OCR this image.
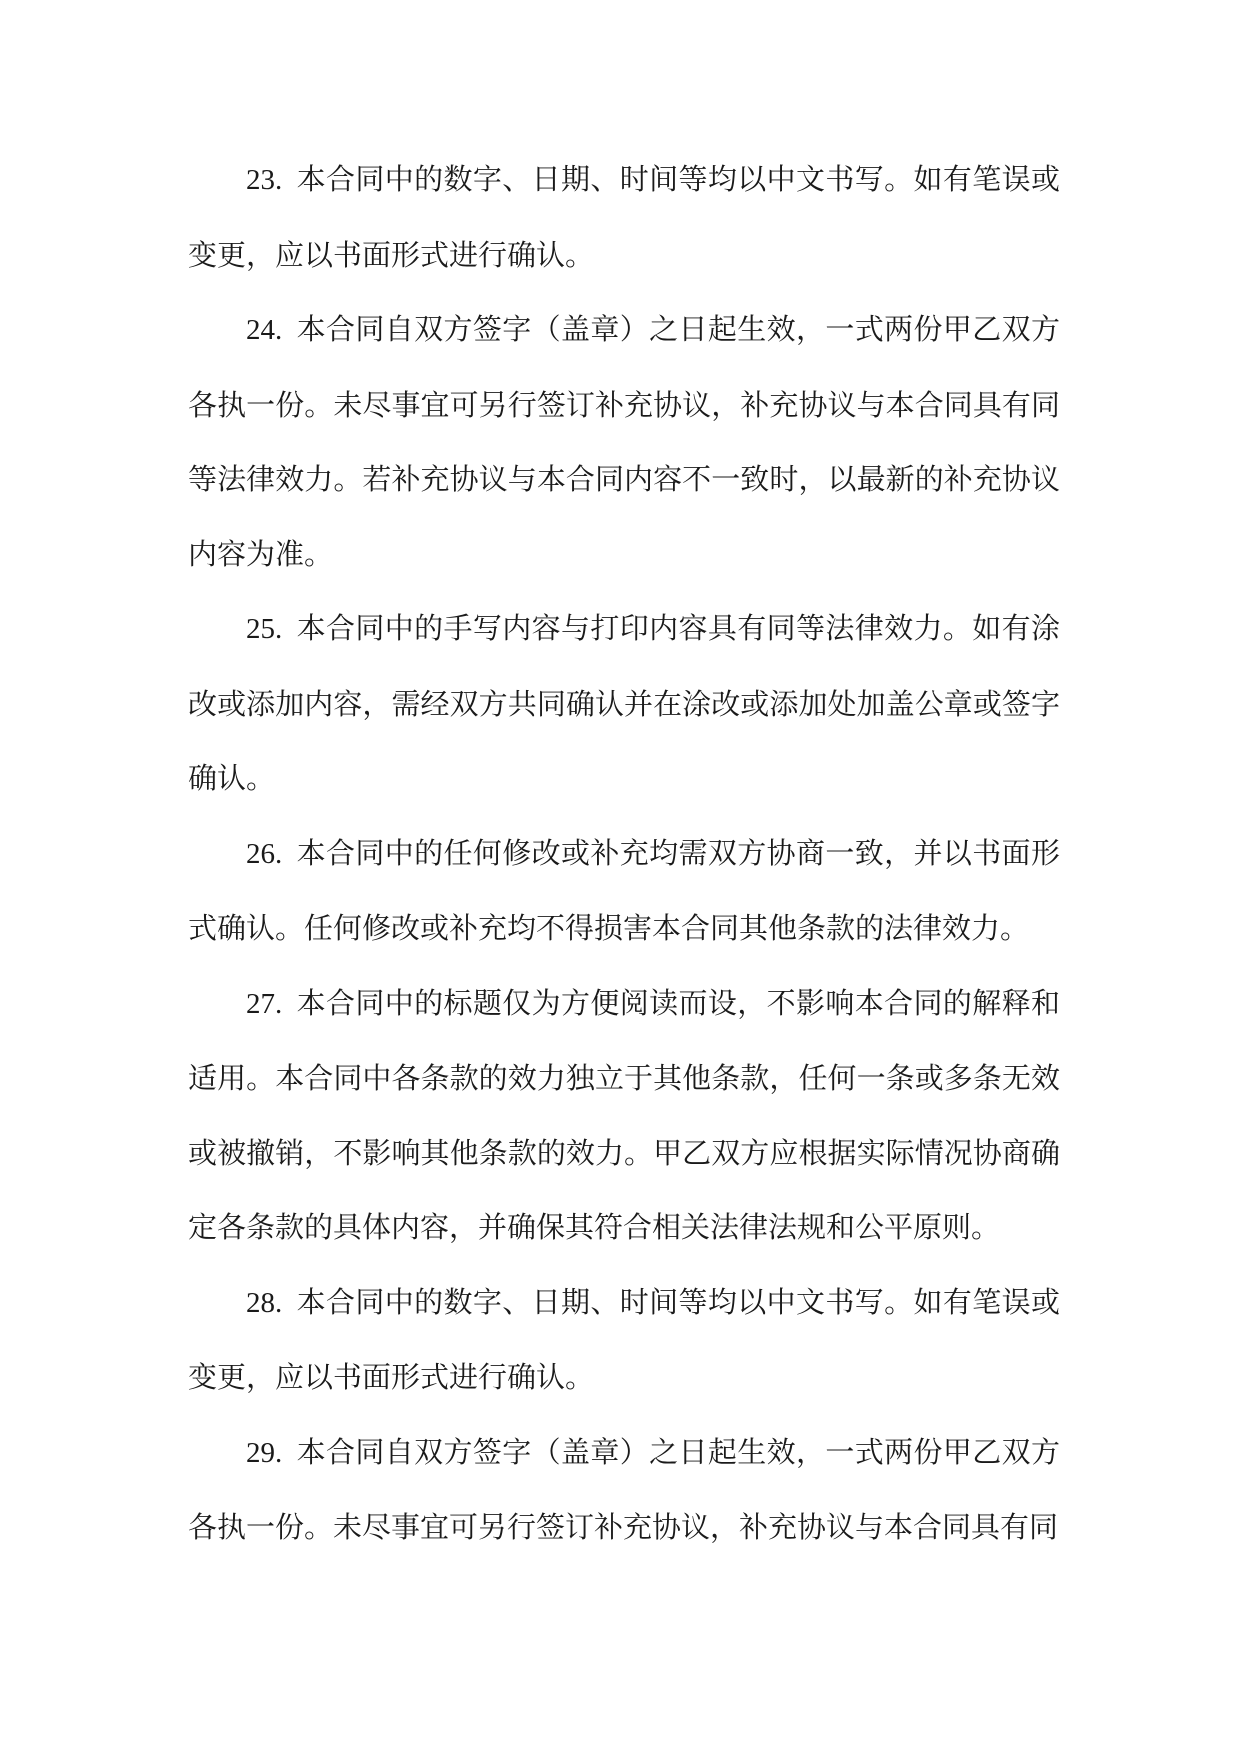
23. 本合同中的数字、日期、时间等均以中文书写。如有笔误或变更，应以书面形式进行确认。

24. 本合同自双方签字（盖章）之日起生效，一式两份甲乙双方各执一份。未尽事宜可另行签订补充协议，补充协议与本合同具有同等法律效力。若补充协议与本合同内容不一致时，以最新的补充协议内容为准。

25. 本合同中的手写内容与打印内容具有同等法律效力。如有涂改或添加内容，需经双方共同确认并在涂改或添加处加盖公章或签字确认。

26. 本合同中的任何修改或补充均需双方协商一致，并以书面形式确认。任何修改或补充均不得损害本合同其他条款的法律效力。

27. 本合同中的标题仅为方便阅读而设，不影响本合同的解释和适用。本合同中各条款的效力独立于其他条款，任何一条或多条无效或被撤销，不影响其他条款的效力。甲乙双方应根据实际情况协商确定各条款的具体内容，并确保其符合相关法律法规和公平原则。

28. 本合同中的数字、日期、时间等均以中文书写。如有笔误或变更，应以书面形式进行确认。

29. 本合同自双方签字（盖章）之日起生效，一式两份甲乙双方各执一份。未尽事宜可另行签订补充协议，补充协议与本合同具有同
